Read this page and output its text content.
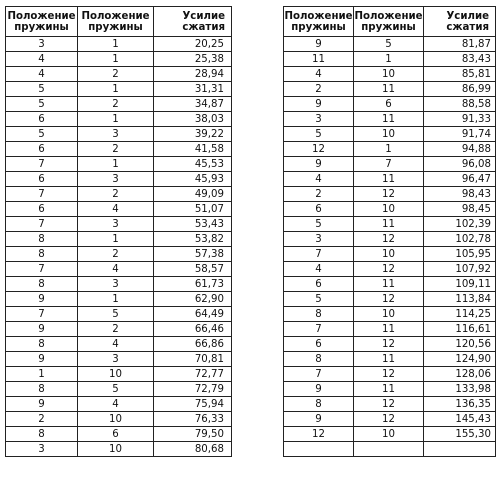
Положение пружины	Положение пружины	Усилие сжатия
3	1	20,25
4	1	25,38
4	2	28,94
5	1	31,31
5	2	34,87
6	1	38,03
5	3	39,22
6	2	41,58
7	1	45,53
6	3	45,93
7	2	49,09
6	4	51,07
7	3	53,43
8	1	53,82
8	2	57,38
7	4	58,57
8	3	61,73
9	1	62,90
7	5	64,49
9	2	66,46
8	4	66,86
9	3	70,81
1	10	72,77
8	5	72,79
9	4	75,94
2	10	76,33
8	6	79,50
3	10	80,68
Положение пружины	Положение пружины	Усилие сжатия
9	5	81,87
11	1	83,43
4	10	85,81
2	11	86,99
9	6	88,58
3	11	91,33
5	10	91,74
12	1	94,88
9	7	96,08
4	11	96,47
2	12	98,43
6	10	98,45
5	11	102,39
3	12	102,78
7	10	105,95
4	12	107,92
6	11	109,11
5	12	113,84
8	10	114,25
7	11	116,61
6	12	120,56
8	11	124,90
7	12	128,06
9	11	133,98
8	12	136,35
9	12	145,43
12	10	155,30
